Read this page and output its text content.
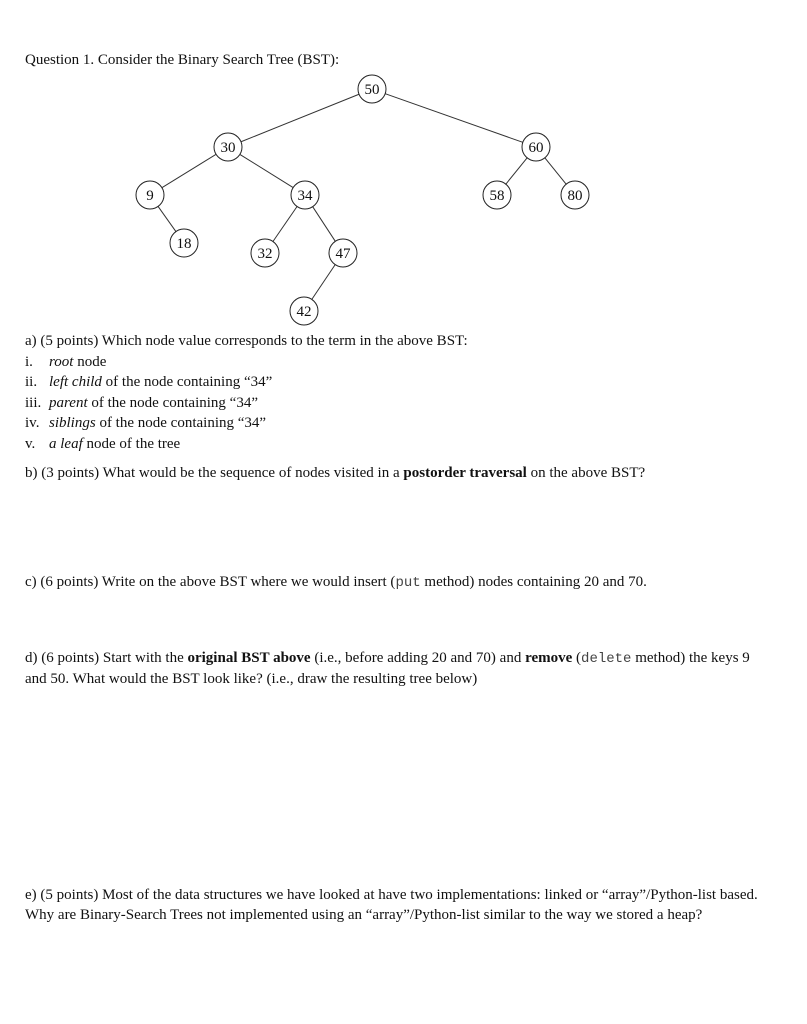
Question 1. Consider the Binary Search Tree (BST):
50
30	60
9	34	58	80
18
32	47
42
a) (5 points) Which node value corresponds to the term in the above BST:
i. root node
ii. left child of the node containing “34”
iii. parent of the node containing “34”
iv. siblings of the node containing “34”
v. a leaf node of the tree
b) (3 points) What would be the sequence of nodes visited in a postorder traversal on the above BST?
c) (6 points) Write on the above BST where we would insert (put method) nodes containing 20 and 70.
d) (6 points) Start with the original BST above (i.e., before adding 20 and 70) and remove (delete method) the keys 9 and 50. What would the BST look like? (i.e., draw the resulting tree below)
e) (5 points) Most of the data structures we have looked at have two implementations: linked or “array”/Python-list based. Why are Binary-Search Trees not implemented using an “array”/Python-list similar to the way we stored a heap?
